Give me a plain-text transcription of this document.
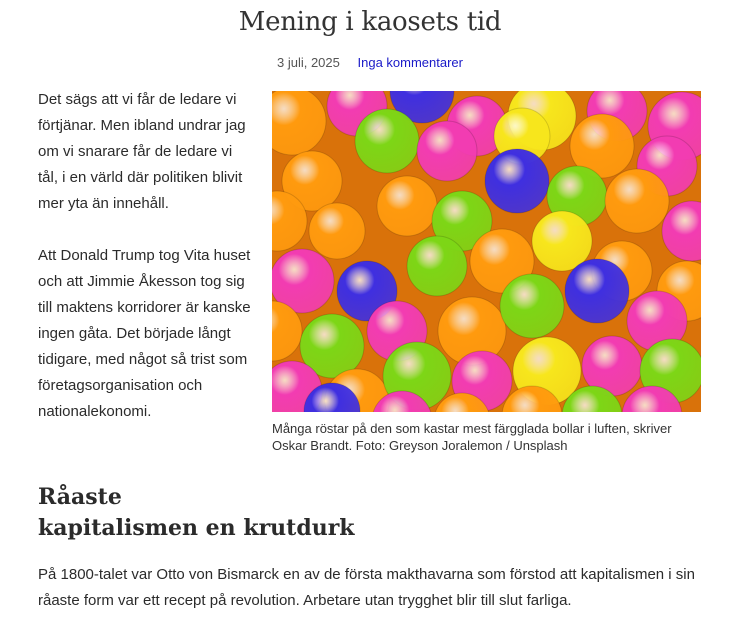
Mening i kaosets tid
3 juli, 2025 Inga kommentarer

Det sägs att vi får de ledare vi förtjänar. Men ibland undrar jag om vi snarare får de ledare vi tål, i en värld där politiken blivit mer yta än innehåll.

Att Donald Trump tog Vita huset och att Jimmie Åkesson tog sig till maktens korridorer är kanske ingen gåta. Det började långt tidigare, med något så trist som företagsorganisation och nationalekonomi.

Många röstar på den som kastar mest färgglada bollar i luften, skriver Oskar Brandt. Foto: Greyson Joralemon / Unsplash
Råaste
kapitalismen en krutdurk

På 1800-talet var Otto von Bismarck en av de första makthavarna som förstod att kapitalismen i sin råaste form var ett recept på revolution. Arbetare utan trygghet blir till slut farliga.
